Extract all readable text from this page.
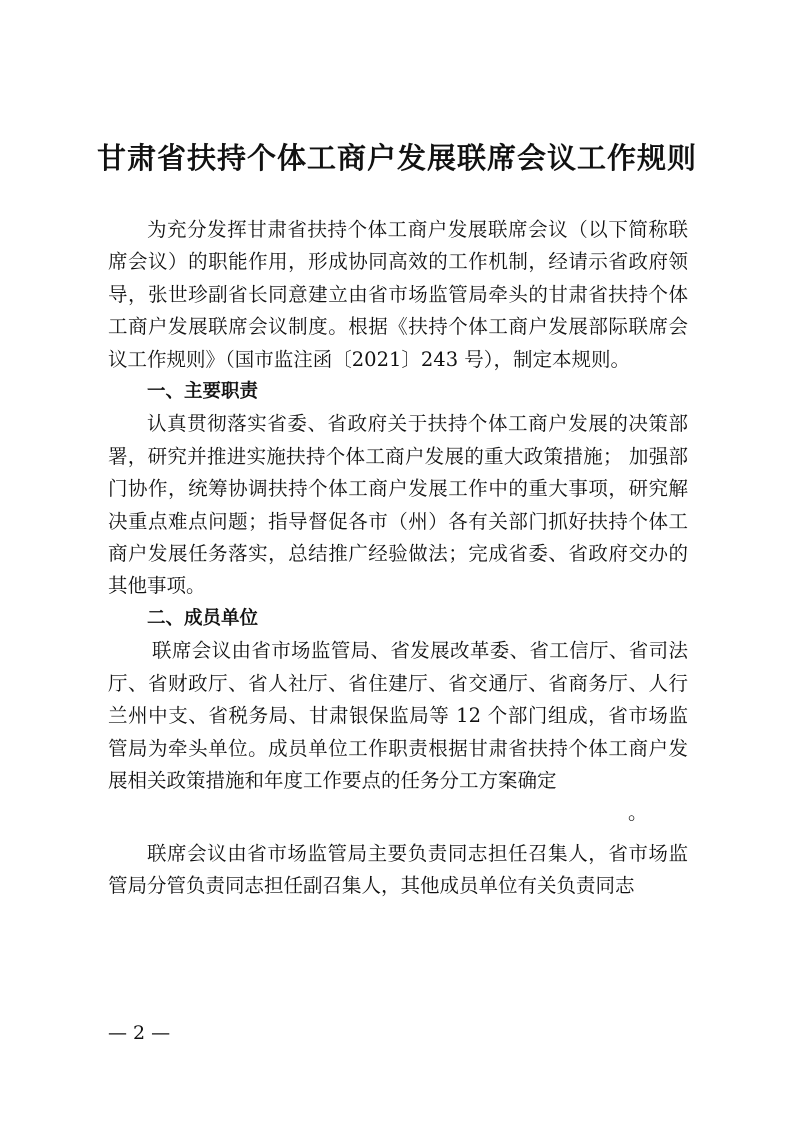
甘肃省扶持个体工商户发展联席会议工作规则

为充分发挥甘肃省扶持个体工商户发展联席会议（以下简称联席会议）的职能作用，形成协同高效的工作机制，经请示省政府领导，张世珍副省长同意建立由省市场监管局牵头的甘肃省扶持个体工商户发展联席会议制度。根据《扶持个体工商户发展部际联席会议工作规则》（国市监注函〔2021〕243 号），制定本规则。

一、主要职责

认真贯彻落实省委、省政府关于扶持个体工商户发展的决策部署，研究并推进实施扶持个体工商户发展的重大政策措施； 加强部门协作，统筹协调扶持个体工商户发展工作中的重大事项，研究解决重点难点问题；指导督促各市（州）各有关部门抓好扶持个体工商户发展任务落实，总结推广经验做法；完成省委、省政府交办的其他事项。

二、成员单位

联席会议由省市场监管局、省发展改革委、省工信厅、省司法厅、省财政厅、省人社厅、省住建厅、省交通厅、省商务厅、人行兰州中支、省税务局、甘肃银保监局等 12 个部门组成，省市场监管局为牵头单位。成员单位工作职责根据甘肃省扶持个体工商户发展相关政策措施和年度工作要点的任务分工方案确定
。

联席会议由省市场监管局主要负责同志担任召集人，省市场监管局分管负责同志担任副召集人，其他成员单位有关负责同志

— 2 —
